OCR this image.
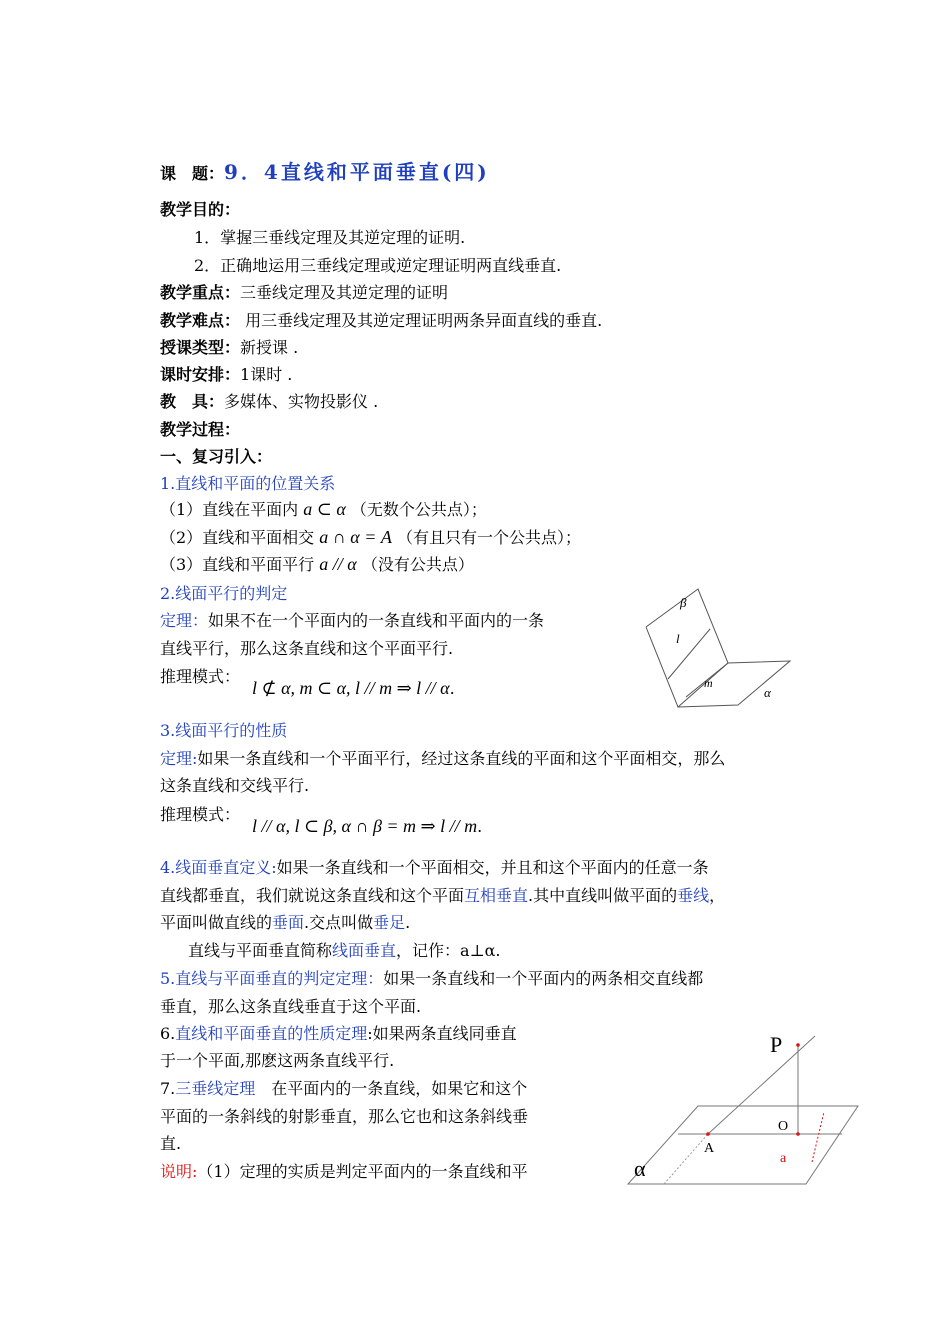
课　题：9．4直线和平面垂直(四)
教学目的：
1．掌握三垂线定理及其逆定理的证明.
2．正确地运用三垂线定理或逆定理证明两直线垂直.
教学重点：三垂线定理及其逆定理的证明
教学难点： 用三垂线定理及其逆定理证明两条异面直线的垂直.
授课类型：新授课 .
课时安排：1课时 .
教　具：多媒体、实物投影仪 .
教学过程：
一、复习引入：
1.直线和平面的位置关系
（1）直线在平面内 a ⊂ α （无数个公共点）；
（2）直线和平面相交 a ∩ α = A （有且只有一个公共点）；
（3）直线和平面平行 a // α （没有公共点）
2.线面平行的判定
定理：如果不在一个平面内的一条直线和平面内的一条
直线平行，那么这条直线和这个平面平行.
推理模式：
l ⊄ α, m ⊂ α, l // m ⇒ l // α.
β
l
m
α
3.线面平行的性质
定理:如果一条直线和一个平面平行，经过这条直线的平面和这个平面相交，那么
这条直线和交线平行.
推理模式：
l // α, l ⊂ β, α ∩ β = m ⇒ l // m.
4.线面垂直定义:如果一条直线和一个平面相交，并且和这个平面内的任意一条
直线都垂直，我们就说这条直线和这个平面互相垂直.其中直线叫做平面的垂线，
平面叫做直线的垂面.交点叫做垂足.
直线与平面垂直简称线面垂直，记作：a⊥α.
5.直线与平面垂直的判定定理：如果一条直线和一个平面内的两条相交直线都
垂直，那么这条直线垂直于这个平面.
6.直线和平面垂直的性质定理:如果两条直线同垂直
于一个平面,那麽这两条直线平行.
7.三垂线定理　在平面内的一条直线，如果它和这个
平面的一条斜线的射影垂直，那么它也和这条斜线垂
直.
说明:（1）定理的实质是判定平面内的一条直线和平
P
O
A
a
α
